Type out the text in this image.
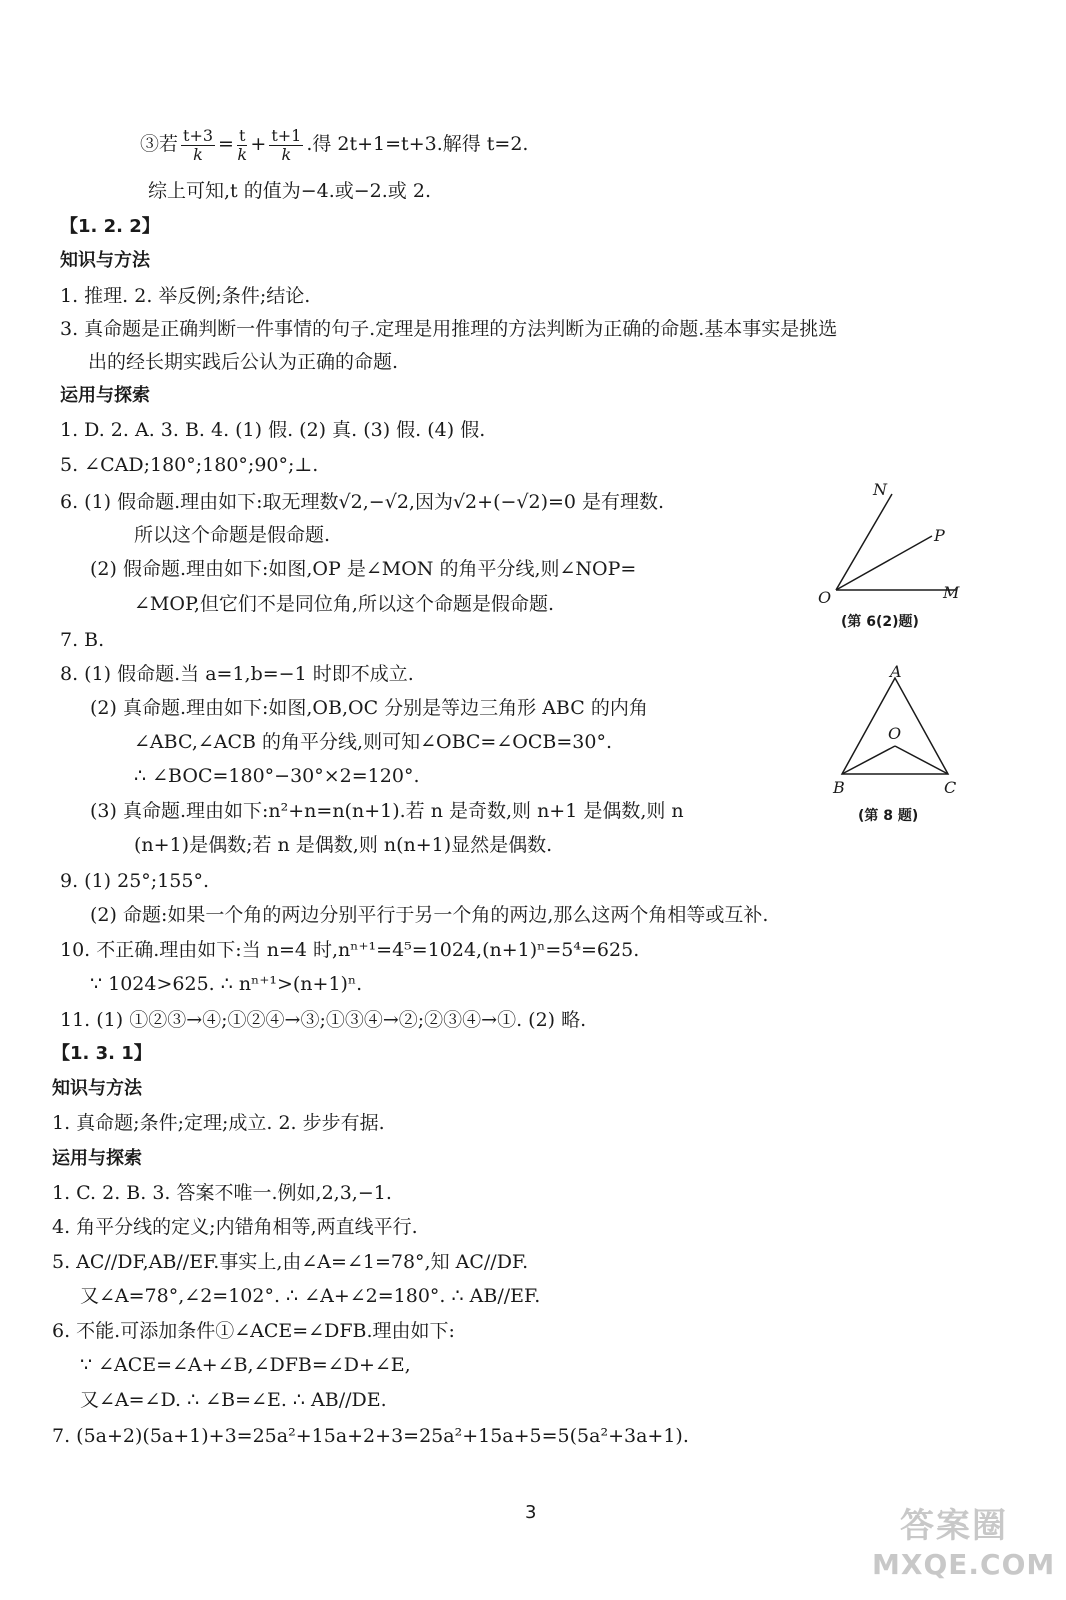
③若 $\frac{t+3}{k} = \frac{t}{k} + \frac{t+1}{k}$ .得 2t+1=t+3.解得 t=2.
综上可知,t 的值为−4.或−2.或 2.
【1. 2. 2】
知识与方法
1. 推理. 2. 举反例;条件;结论.
3. 真命题是正确判断一件事情的句子.定理是用推理的方法判断为正确的命题.基本事实是挑选
出的经长期实践后公认为正确的命题.
运用与探索
1. D. 2. A. 3. B. 4. (1) 假. (2) 真. (3) 假. (4) 假.
5. ∠CAD;180°;180°;90°;⊥.
6. (1) 假命题.理由如下:取无理数√2,−√2,因为√2+(−√2)=0 是有理数.
所以这个命题是假命题.
(2) 假命题.理由如下:如图,OP 是∠MON 的角平分线,则∠NOP=
∠MOP,但它们不是同位角,所以这个命题是假命题.
7. B.
8. (1) 假命题.当 a=1,b=−1 时即不成立.
(2) 真命题.理由如下:如图,OB,OC 分别是等边三角形 ABC 的内角
∠ABC,∠ACB 的角平分线,则可知∠OBC=∠OCB=30°.
∴ ∠BOC=180°−30°×2=120°.
(3) 真命题.理由如下:n²+n=n(n+1).若 n 是奇数,则 n+1 是偶数,则 n
(n+1)是偶数;若 n 是偶数,则 n(n+1)显然是偶数.
9. (1) 25°;155°.
(2) 命题:如果一个角的两边分别平行于另一个角的两边,那么这两个角相等或互补.
10. 不正确.理由如下:当 n=4 时,nⁿ⁺¹=4⁵=1024,(n+1)ⁿ=5⁴=625.
∵ 1024>625. ∴ nⁿ⁺¹>(n+1)ⁿ.
11. (1) ①②③→④;①②④→③;①③④→②;②③④→①. (2) 略.
【1. 3. 1】
知识与方法
1. 真命题;条件;定理;成立. 2. 步步有据.
运用与探索
1. C. 2. B. 3. 答案不唯一.例如,2,3,−1.
4. 角平分线的定义;内错角相等,两直线平行.
5. AC//DF,AB//EF.事实上,由∠A=∠1=78°,知 AC//DF.
又∠A=78°,∠2=102°. ∴ ∠A+∠2=180°. ∴ AB//EF.
6. 不能.可添加条件①∠ACE=∠DFB.理由如下:
∵ ∠ACE=∠A+∠B,∠DFB=∠D+∠E,
又∠A=∠D. ∴ ∠B=∠E. ∴ AB//DE.
7. (5a+2)(5a+1)+3=25a²+15a+2+3=25a²+15a+5=5(5a²+3a+1).
N
P
O	M
(第 6(2)题)
A
O
B	C
(第 8 题)
3	答案圈
MXQE.COM
